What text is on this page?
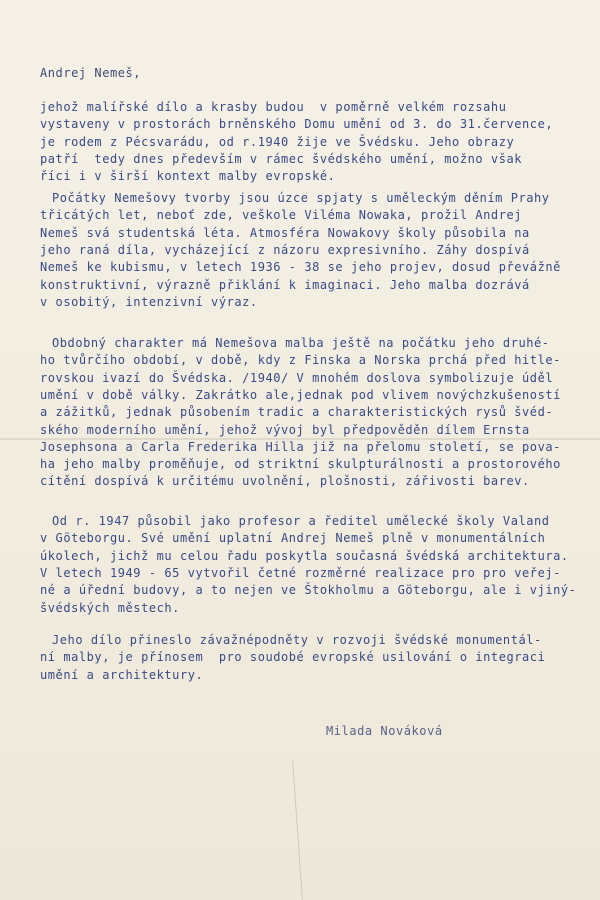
Andrej Nemeš,
Milada Nováková
jehož malířské dílo a krasby budou  v poměrně velkém rozsahu
vystaveny v prostorách brněnského Domu umění od 3. do 31.července,
je rodem z Pécsvarádu, od r.1940 žije ve Švédsku. Jeho obrazy
patří  tedy dnes především v rámec švédského umění, možno však
říci i v širší kontext malby evropské.
Počátky Nemešovy tvorby jsou úzce spjaty s uměleckým děním Prahy
třicátých let, neboť zde, veškole Viléma Nowaka, prožil Andrej
Nemeš svá studentská léta. Atmosféra Nowakovy školy působila na
jeho raná díla, vycházející z názoru expresivního. Záhy dospívá
Nemeš ke kubismu, v letech 1936 - 38 se jeho projev, dosud převážně
konstruktivní, výrazně přiklání k imaginaci. Jeho malba dozrává
v osobitý, intenzivní výraz.
Obdobný charakter má Nemešova malba ještě na počátku jeho druhé-
ho tvůrčího období, v době, kdy z Finska a Norska prchá před hitle-
rovskou ivazí do Švédska. /1940/ V mnohém doslova symbolizuje úděl
umění v době války. Zakrátko ale,jednak pod vlivem novýchzkušeností
a zážitků, jednak působením tradic a charakteristických rysů švéd-
ského moderního umění, jehož vývoj byl předpověděn dílem Ernsta
Josephsona a Carla Frederika Hilla již na přelomu století, se pova-
ha jeho malby proměňuje, od striktní skulpturálnosti a prostorového
cítění dospívá k určitému uvolnění, plošnosti, zářivosti barev.
Od r. 1947 působil jako profesor a ředitel umělecké školy Valand
v Göteborgu. Své umění uplatní Andrej Nemeš plně v monumentálních
úkolech, jichž mu celou řadu poskytla současná švédská architektura.
V letech 1949 - 65 vytvořil četné rozměrné realizace pro pro veřej-
né a úřední budovy, a to nejen ve Štokholmu a Göteborgu, ale i vjiný-
švédských městech.
Jeho dílo přineslo závažnépodněty v rozvoji švédské monumentál-
ní malby, je přínosem  pro soudobé evropské usilování o integraci
umění a architektury.
